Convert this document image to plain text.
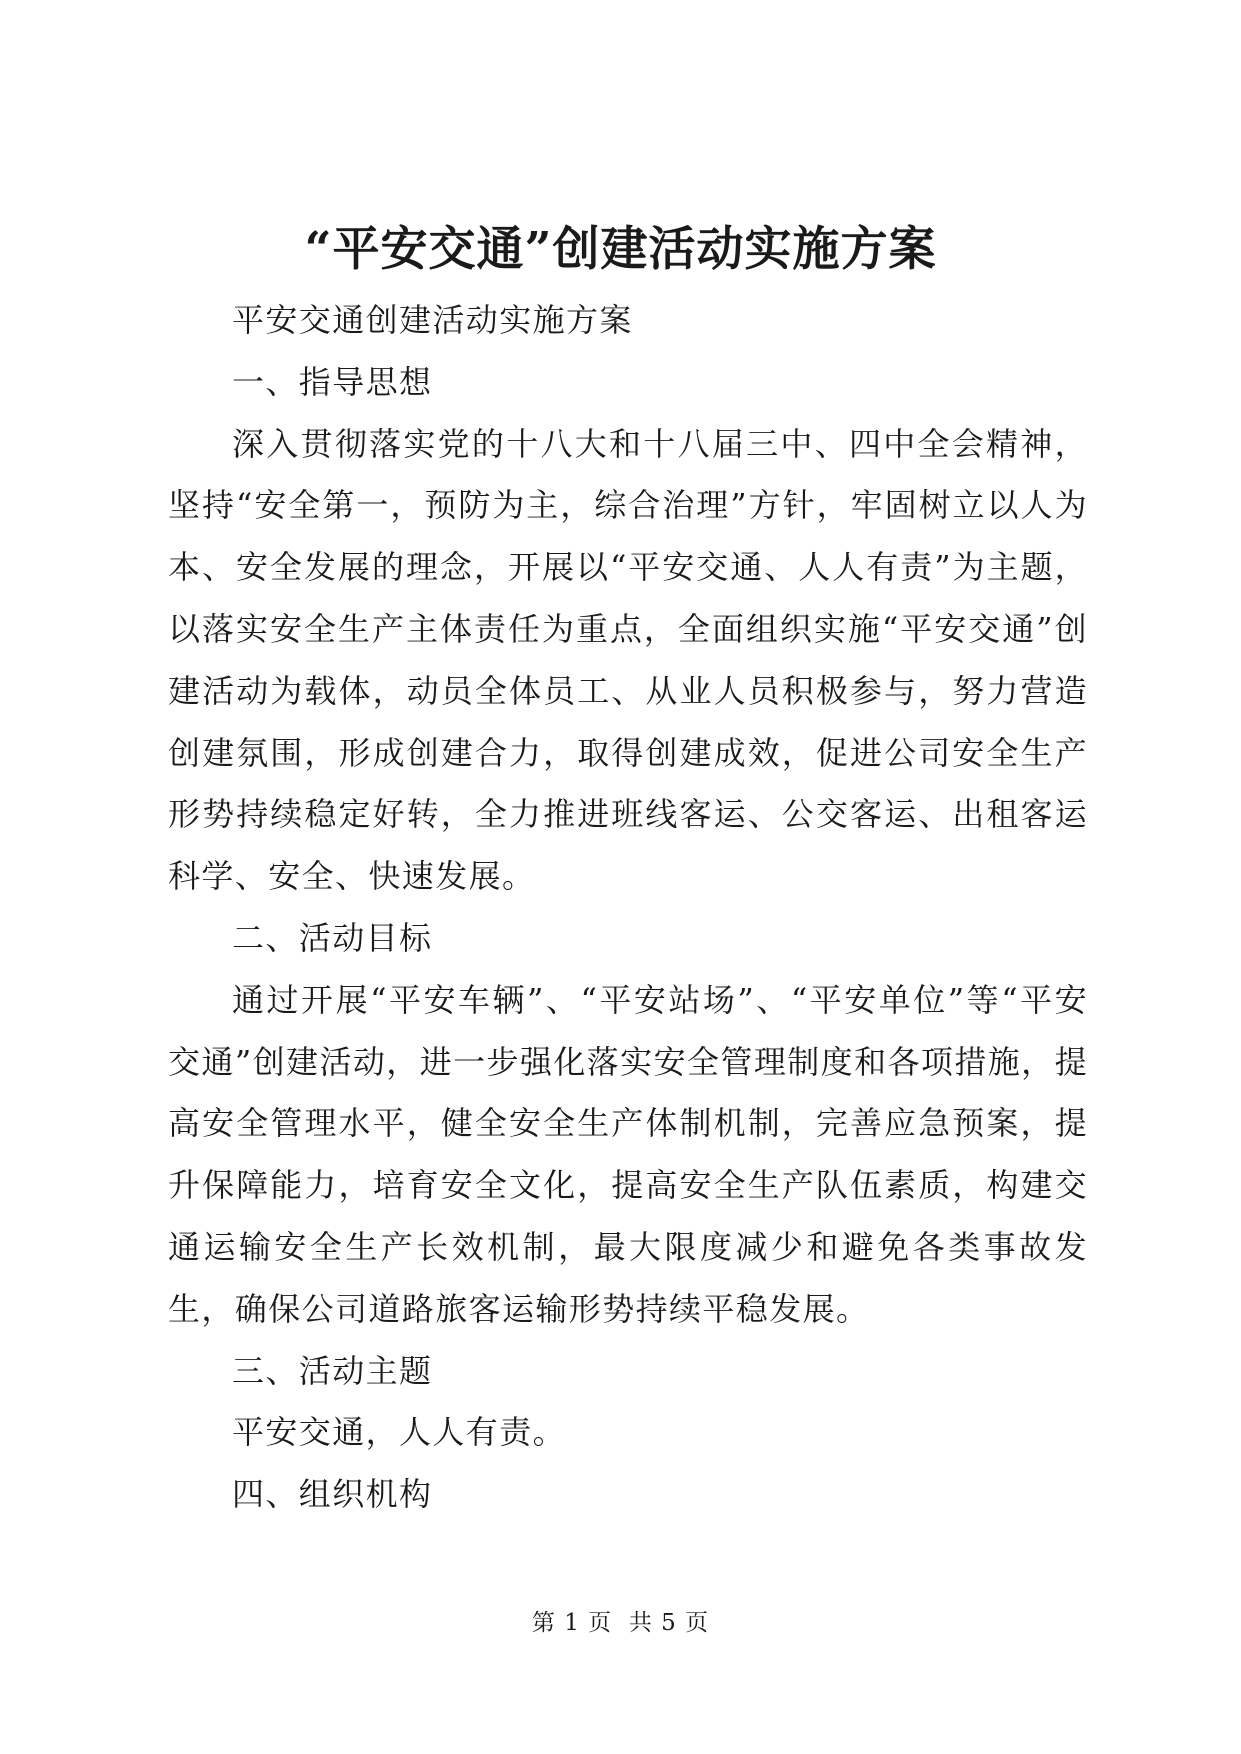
“平安交通”创建活动实施方案

平安交通创建活动实施方案

一、指导思想

深入贯彻落实党的十八大和十八届三中、四中全会精神，坚持“安全第一，预防为主，综合治理”方针，牢固树立以人为本、安全发展的理念，开展以“平安交通、人人有责”为主题，以落实安全生产主体责任为重点，全面组织实施“平安交通”创建活动为载体，动员全体员工、从业人员积极参与，努力营造创建氛围，形成创建合力，取得创建成效，促进公司安全生产形势持续稳定好转，全力推进班线客运、公交客运、出租客运科学、安全、快速发展。

二、活动目标

通过开展“平安车辆”、“平安站场”、“平安单位”等“平安交通”创建活动，进一步强化落实安全管理制度和各项措施，提高安全管理水平，健全安全生产体制机制，完善应急预案，提升保障能力，培育安全文化，提高安全生产队伍素质，构建交通运输安全生产长效机制，最大限度减少和避免各类事故发生，确保公司道路旅客运输形势持续平稳发展。

三、活动主题

平安交通，人人有责。

四、组织机构

第 1 页 共 5 页
